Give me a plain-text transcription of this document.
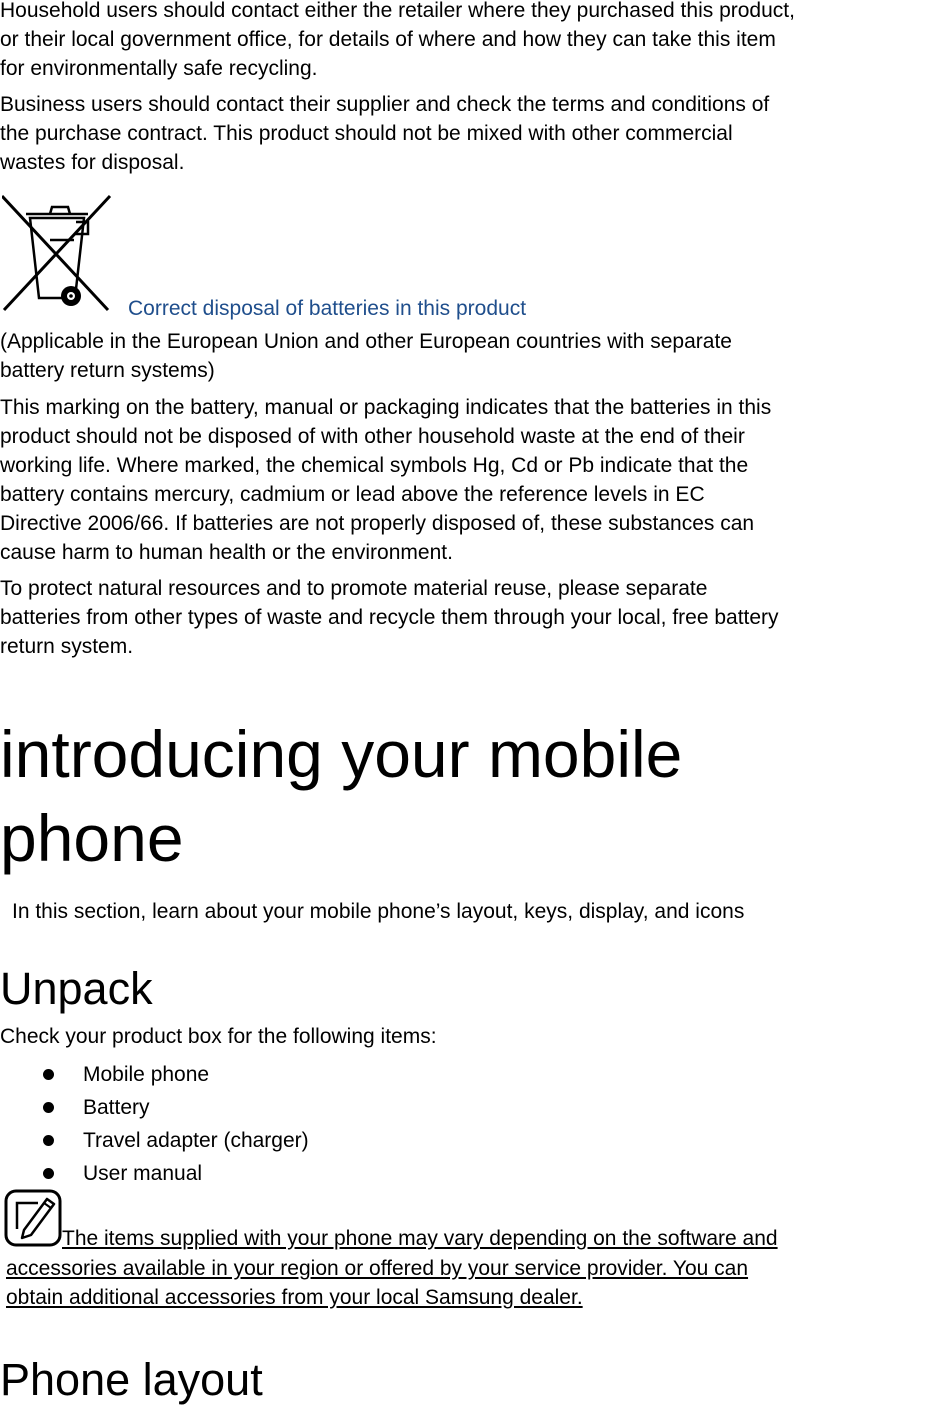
Household users should contact either the retailer where they purchased this product,
or their local government office, for details of where and how they can take this item
for environmentally safe recycling.
Business users should contact their supplier and check the terms and conditions of
the purchase contract. This product should not be mixed with other commercial
wastes for disposal.
Correct disposal of batteries in this product
(Applicable in the European Union and other European countries with separate
battery return systems)
This marking on the battery, manual or packaging indicates that the batteries in this
product should not be disposed of with other household waste at the end of their
working life. Where marked, the chemical symbols Hg, Cd or Pb indicate that the
battery contains mercury, cadmium or lead above the reference levels in EC
Directive 2006/66. If batteries are not properly disposed of, these substances can
cause harm to human health or the environment.
To protect natural resources and to promote material reuse, please separate
batteries from other types of waste and recycle them through your local, free battery
return system.
introducing your mobile
phone
In this section, learn about your mobile phone’s layout, keys, display, and icons
Unpack
Check your product box for the following items:
Mobile phone
Battery
Travel adapter (charger)
User manual
The items supplied with your phone may vary depending on the software and
accessories available in your region or offered by your service provider. You can
obtain additional accessories from your local Samsung dealer.
Phone layout
